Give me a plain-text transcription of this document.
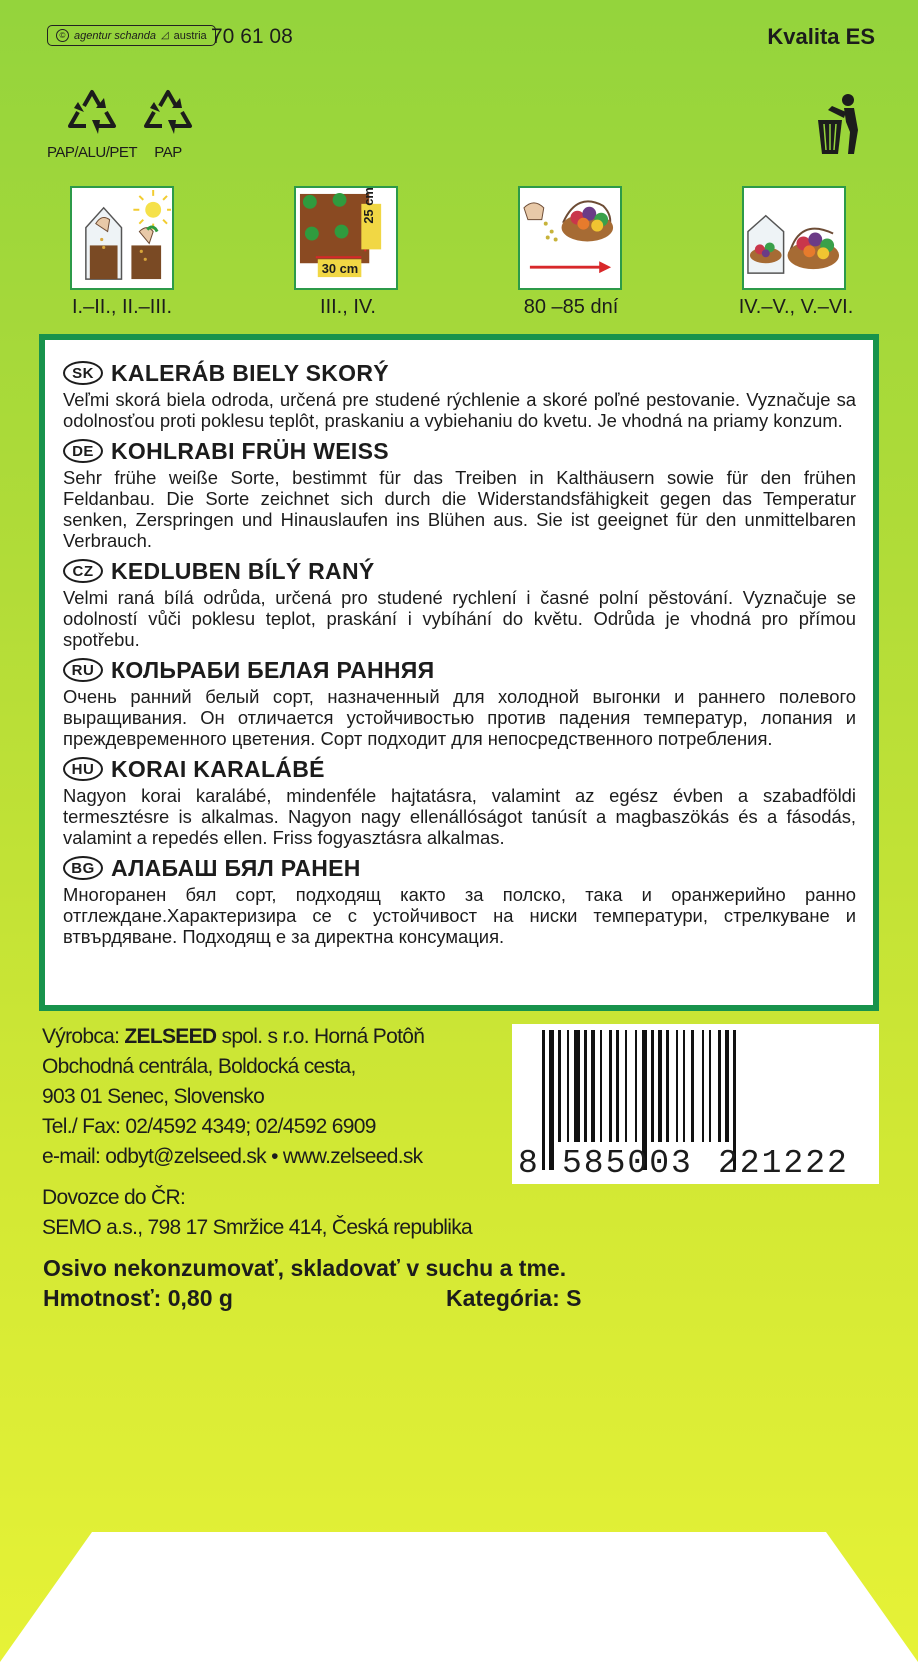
© agentur schanda ◿ austria 70 61 08	Kvalita ES
PAP/ALU/PET	PAP
25 cm
30 cm
I.–II., II.–III.	III., IV.	80 –85 dní	IV.–V., V.–VI.
SK KALERÁB BIELY SKORÝ
Veľmi skorá biela odroda, určená pre studené rýchlenie a skoré poľné pestovanie. Vyznačuje sa odolnosťou proti poklesu teplôt, praskaniu a vybiehaniu do kvetu. Je vhodná na priamy konzum.
DE KOHLRABI FRÜH WEISS
Sehr frühe weiße Sorte, bestimmt für das Treiben in Kalthäusern sowie für den frühen Feldanbau. Die Sorte zeichnet sich durch die Widerstandsfähigkeit gegen das Temperatur senken, Zerspringen und Hinauslaufen ins Blühen aus. Sie ist geeignet für den unmittelbaren Verbrauch.
CZ KEDLUBEN BÍLÝ RANÝ
Velmi raná bílá odrůda, určená pro studené rychlení i časné polní pěstování. Vyznačuje se odolností vůči poklesu teplot, praskání i vybíhání do květu. Odrůda je vhodná pro přímou spotřebu.
RU КОЛЬРАБИ БЕЛАЯ РАННЯЯ
Очень ранний белый сорт, назначенный для холодной выгонки и раннего полевого выращивания. Он отличается устойчивостью против падения температур, лопания и преждевременного цветения. Сорт подходит для непосредственного потребления.
HU KORAI KARALÁBÉ
Nagyon korai karalábé, mindenféle hajtatásra, valamint az egész évben a szabadföldi termesztésre is alkalmas. Nagyon nagy ellenállóságot tanúsít a magbaszökás és a fásodás, valamint a repedés ellen. Friss fogyasztásra alkalmas.
BG АЛАБАШ БЯЛ РАНЕН
Многоранен бял сорт, подходящ както за полско, така и оранжерийно ранно отглеждане.Характеризира се с устойчивост на ниски температури, стрелкуване и втвърдяване. Подходящ е за директна консумация.
Výrobca: ZELSEED spol. s r.o. Horná Potôň
Obchodná centrála, Boldocká cesta,
903 01 Senec, Slovensko
Tel./ Fax: 02/4592 4349; 02/4592 6909
e-mail: odbyt@zelseed.sk • www.zelseed.sk
Dovozce do ČR:
SEMO a.s., 798 17 Smržice 414, Česká republika
8 585003 221222
Osivo nekonzumovať, skladovať v suchu a tme.
Hmotnosť: 0,80 g	Kategória: S
